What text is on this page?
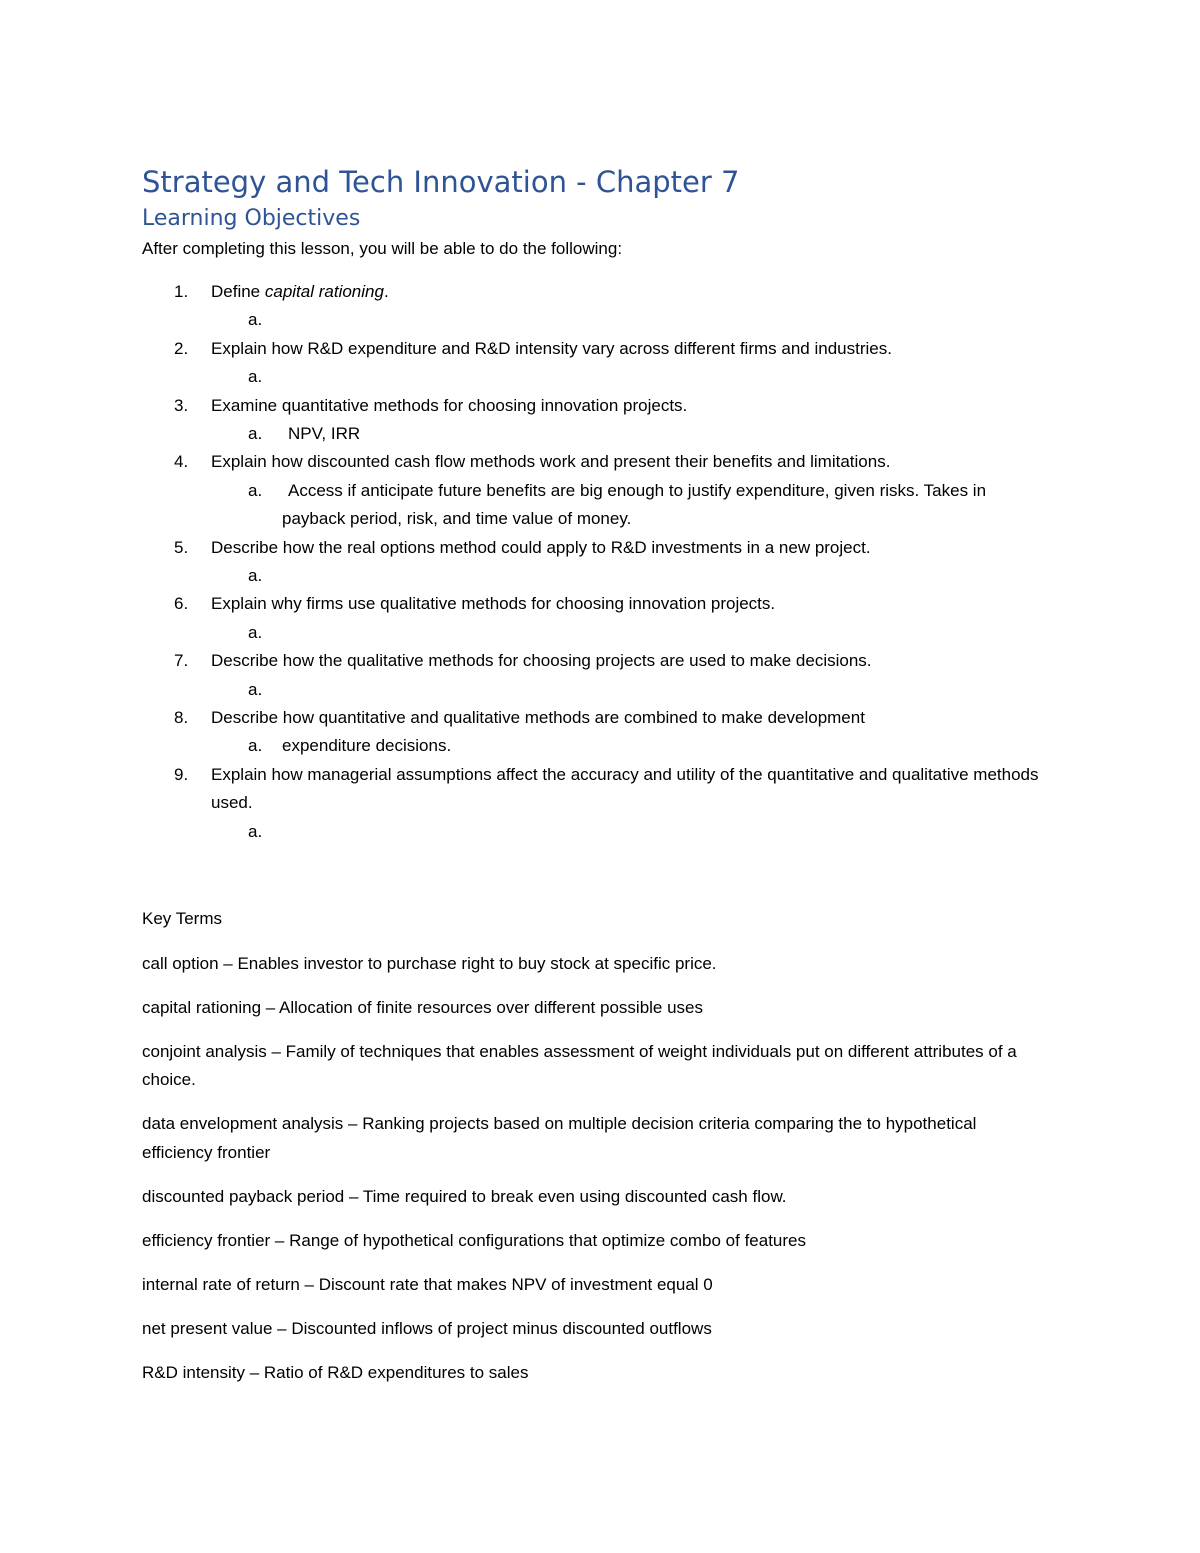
Strategy and Tech Innovation - Chapter 7
Learning Objectives
After completing this lesson, you will be able to do the following:
1.	Define capital rationing.
a.
2.	Explain how R&D expenditure and R&D intensity vary across different firms and industries.
a.
3.	Examine quantitative methods for choosing innovation projects.
a. NPV, IRR
4.	Explain how discounted cash flow methods work and present their benefits and limitations.
a.	Access if anticipate future benefits are big enough to justify expenditure, given risks. Takes in payback period, risk, and time value of money.
5.	Describe how the real options method could apply to R&D investments in a new project.
a.
6.	Explain why firms use qualitative methods for choosing innovation projects.
a.
7.	Describe how the qualitative methods for choosing projects are used to make decisions.
a.
8.	Describe how quantitative and qualitative methods are combined to make development
a. expenditure decisions.
9.	Explain how managerial assumptions affect the accuracy and utility of the quantitative and qualitative methods used.
a.
Key Terms

call option – Enables investor to purchase right to buy stock at specific price.

capital rationing – Allocation of finite resources over different possible uses

conjoint analysis – Family of techniques that enables assessment of weight individuals put on different attributes of a choice.

data envelopment analysis – Ranking projects based on multiple decision criteria comparing the to hypothetical efficiency frontier

discounted payback period – Time required to break even using discounted cash flow.

efficiency frontier – Range of hypothetical configurations that optimize combo of features

internal rate of return – Discount rate that makes NPV of investment equal 0

net present value – Discounted inflows of project minus discounted outflows

R&D intensity – Ratio of R&D expenditures to sales
